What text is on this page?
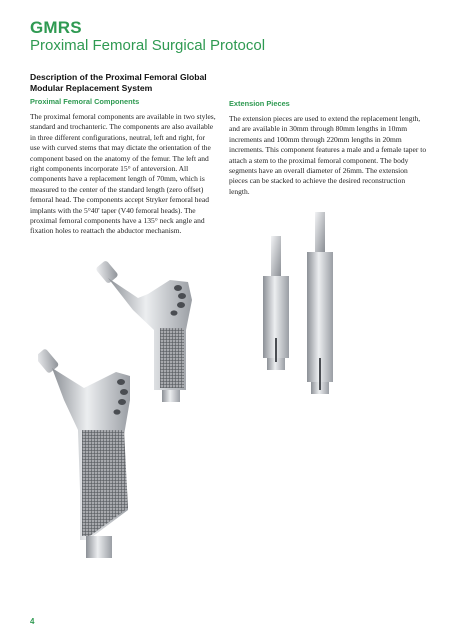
GMRS
Proximal Femoral Surgical Protocol
Description of the Proximal Femoral Global Modular Replacement System
Proximal Femoral Components

The proximal femoral components are available in two styles, standard and trochanteric. The components are also available in three different configurations, neutral, left and right, for use with curved stems that may dictate the orientation of the component based on the anatomy of the femur. The left and right components incorporate 15° of anteversion. All components have a replacement length of 70mm, which is measured to the center of the standard length (zero offset) femoral head. The components accept Stryker femoral head implants with the 5°40' taper (V40 femoral heads). The proximal femoral components have a 135° neck angle and fixation holes to reattach the abductor mechanism.

Extension Pieces

The extension pieces are used to extend the replacement length, and are available in 30mm through 80mm lengths in 10mm increments and 100mm through 220mm lengths in 20mm increments. This component features a male and a female taper to attach a stem to the proximal femoral component. The body segments have an overall diameter of 26mm. The extension pieces can be stacked to achieve the desired reconstruction length.

4
